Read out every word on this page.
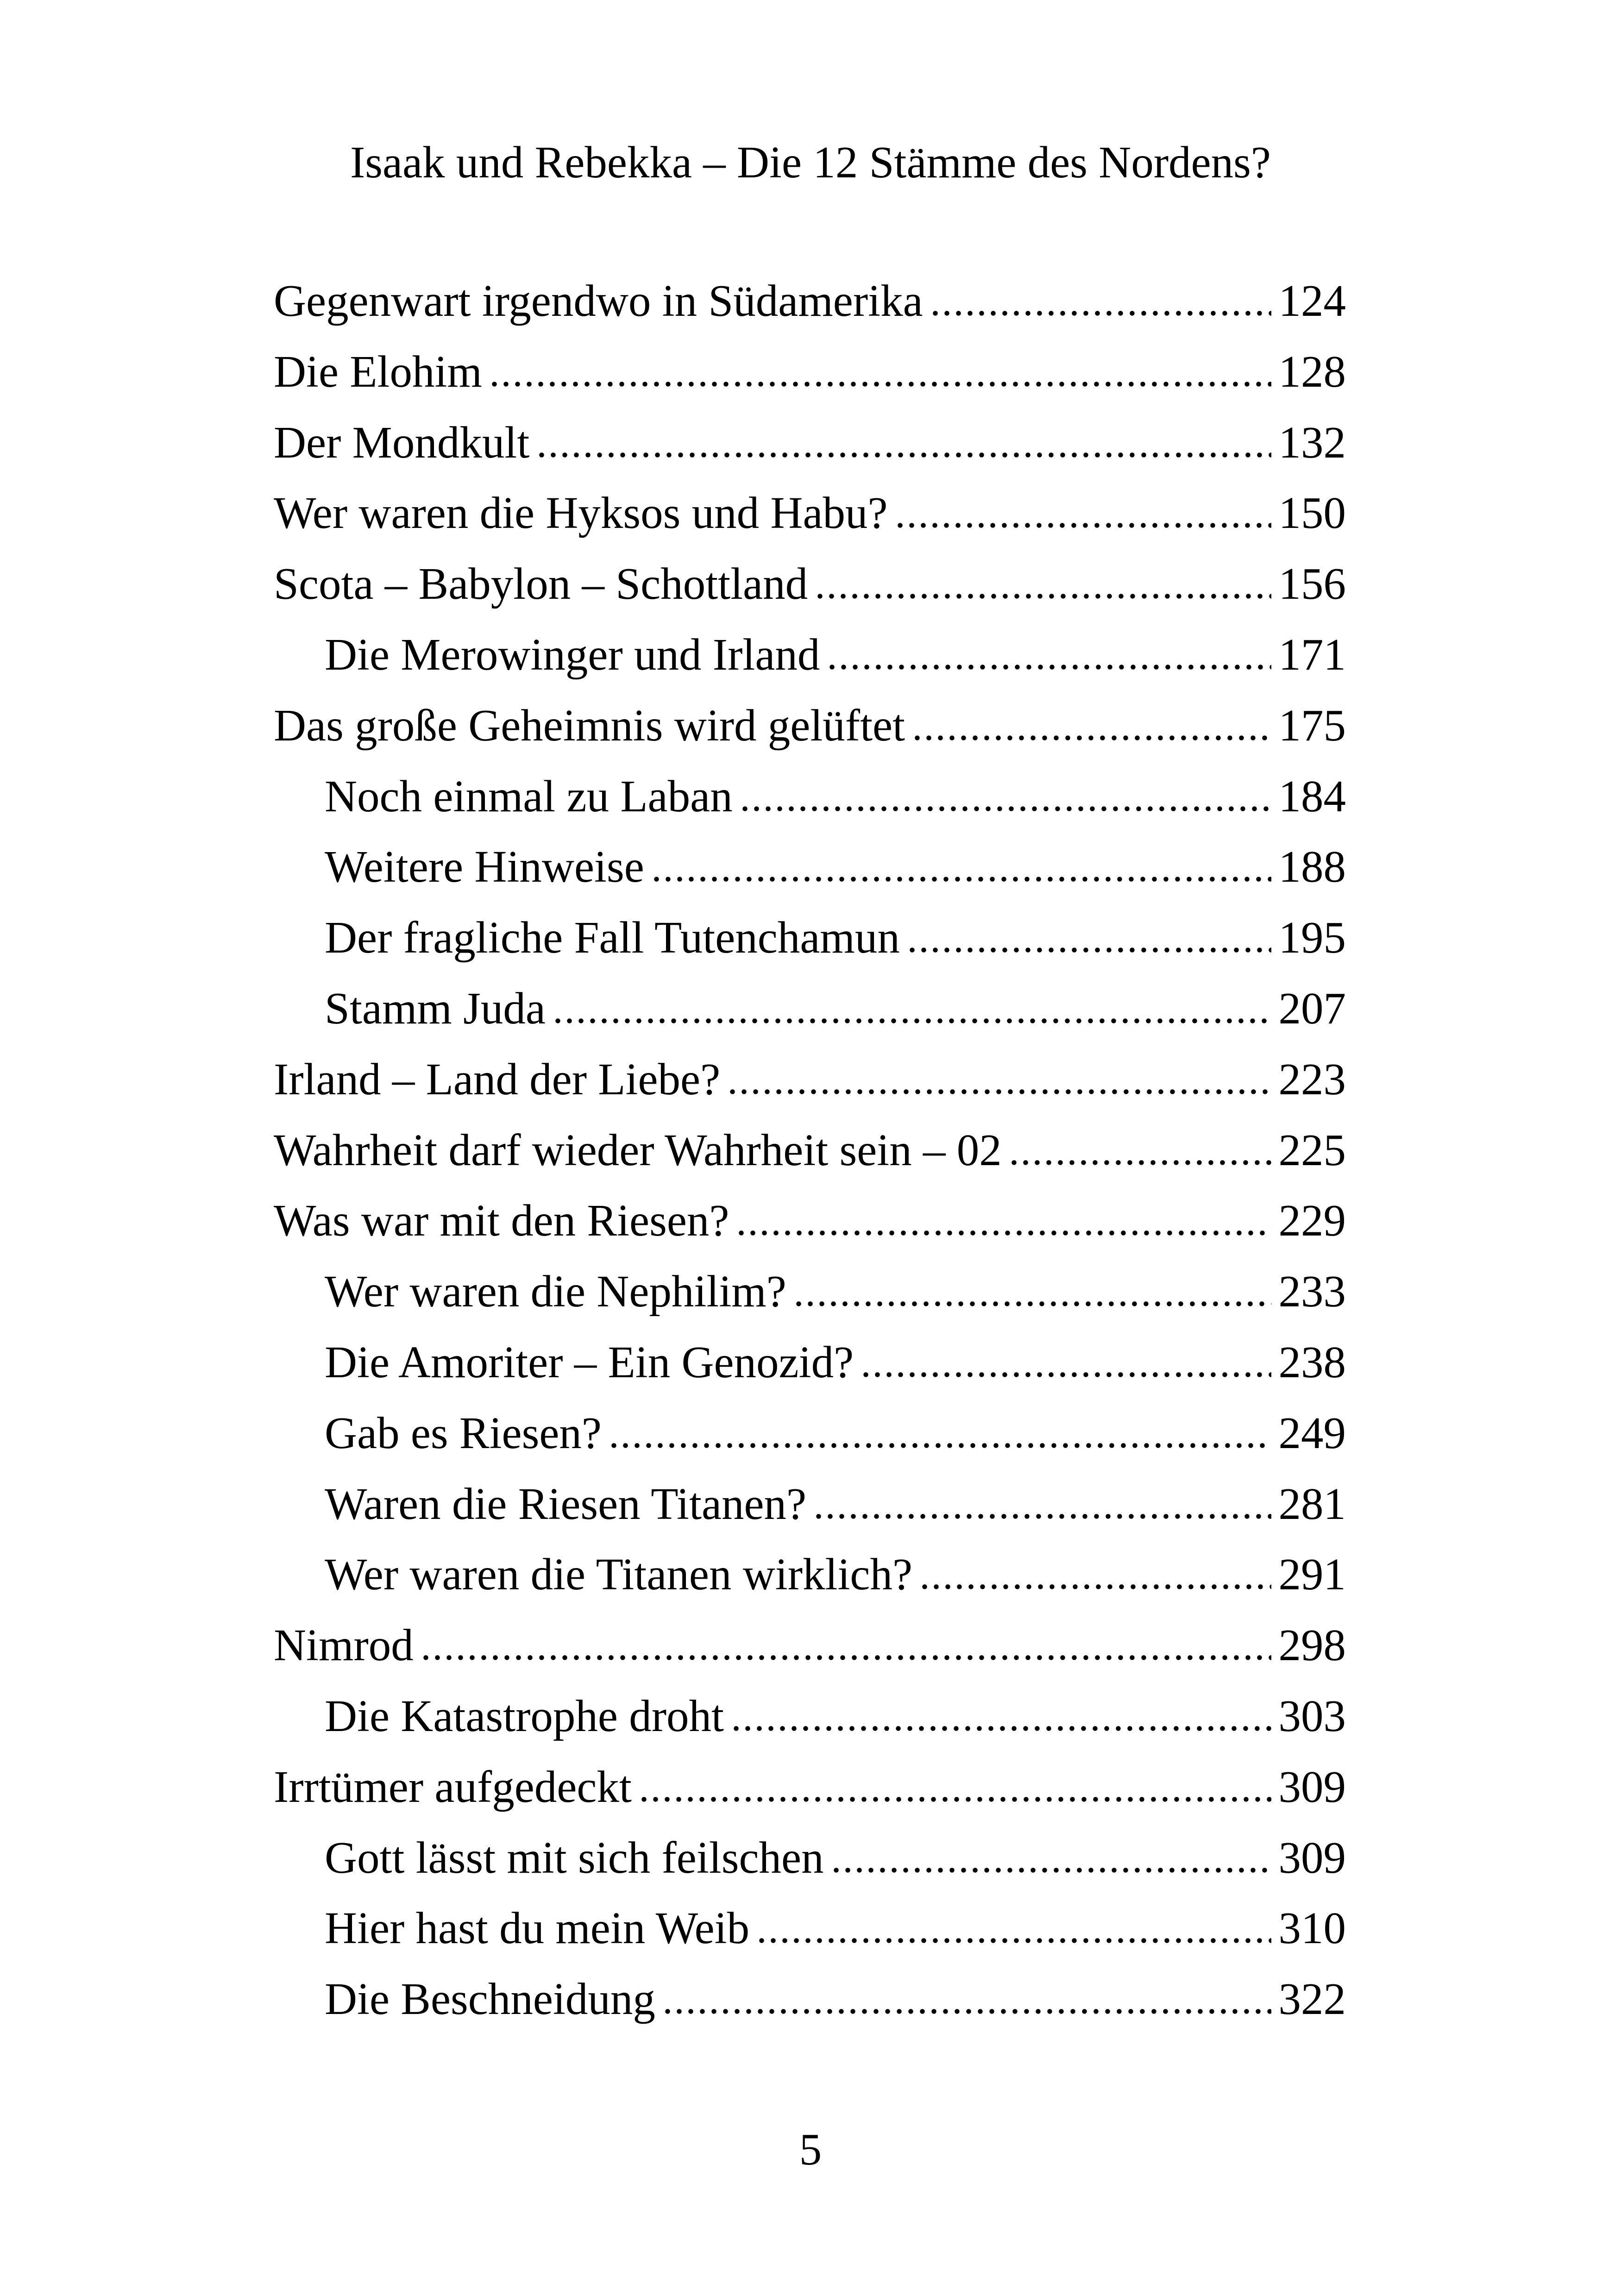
Isaak und Rebekka – Die 12 Stämme des Nordens?
Gegenwart irgendwo in Südamerika	124
Die Elohim	128
Der Mondkult	132
Wer waren die Hyksos und Habu?	150
Scota – Babylon – Schottland	156
Die Merowinger und Irland	171
Das große Geheimnis wird gelüftet	175
Noch einmal zu Laban	184
Weitere Hinweise	188
Der fragliche Fall Tutenchamun	195
Stamm Juda	207
Irland – Land der Liebe?	223
Wahrheit darf wieder Wahrheit sein – 02	225
Was war mit den Riesen?	229
Wer waren die Nephilim?	233
Die Amoriter – Ein Genozid?	238
Gab es Riesen?	249
Waren die Riesen Titanen?	281
Wer waren die Titanen wirklich?	291
Nimrod	298
Die Katastrophe droht	303
Irrtümer aufgedeckt	309
Gott lässt mit sich feilschen	309
Hier hast du mein Weib	310
Die Beschneidung	322
5
